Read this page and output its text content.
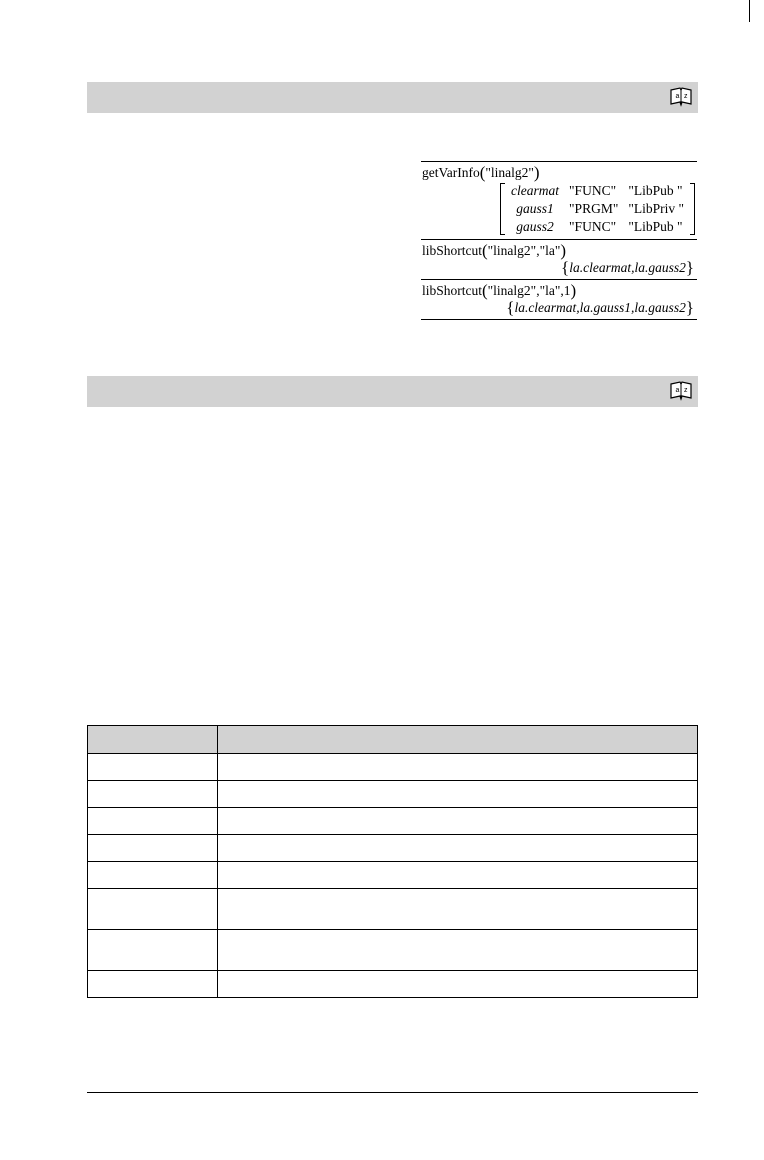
a z
getVarInfo("linalg2")
clearmat	"FUNC"	"LibPub "
gauss1	"PRGM"	"LibPriv "
gauss2	"FUNC"	"LibPub "
libShortcut("linalg2","la")
{la.clearmat,la.gauss2}
libShortcut("linalg2","la",1)
{la.clearmat,la.gauss1,la.gauss2}
a z
